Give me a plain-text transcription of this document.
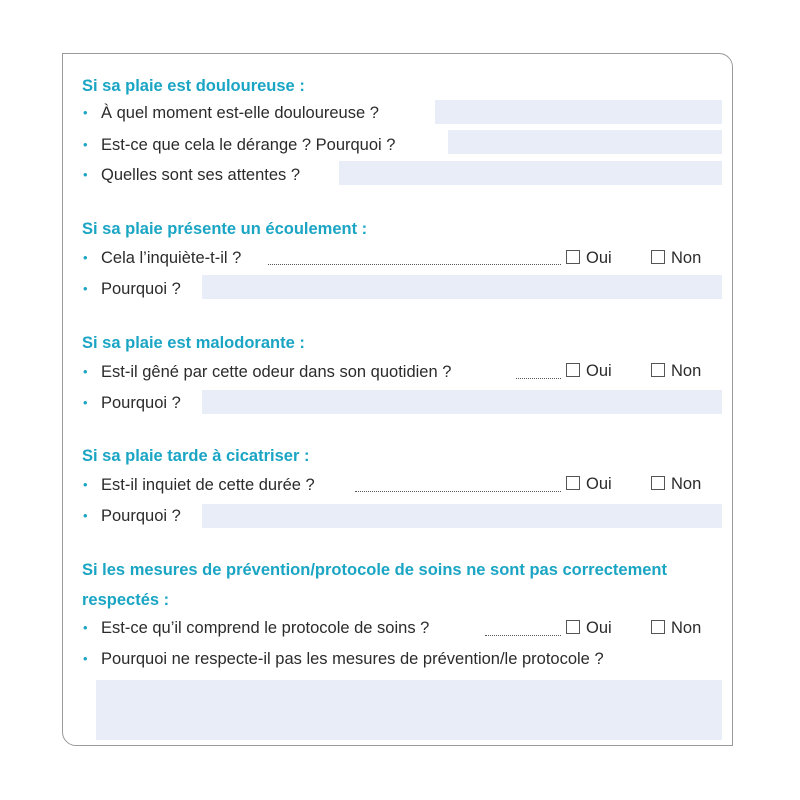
Si sa plaie est douloureuse :
• À quel moment est-elle douloureuse ?
• Est-ce que cela le dérange ? Pourquoi ?
• Quelles sont ses attentes ?
Si sa plaie présente un écoulement :
• Cela l’inquiète-t-il ?	Oui	Non
• Pourquoi ?
Si sa plaie est malodorante :
• Est-il gêné par cette odeur dans son quotidien ?	Oui	Non
• Pourquoi ?
Si sa plaie tarde à cicatriser :
• Est-il inquiet de cette durée ?	Oui	Non
• Pourquoi ?
Si les mesures de prévention/protocole de soins ne sont pas correctement
respectés :
• Est-ce qu’il comprend le protocole de soins ?	Oui	Non
• Pourquoi ne respecte-il pas les mesures de prévention/le protocole ?
